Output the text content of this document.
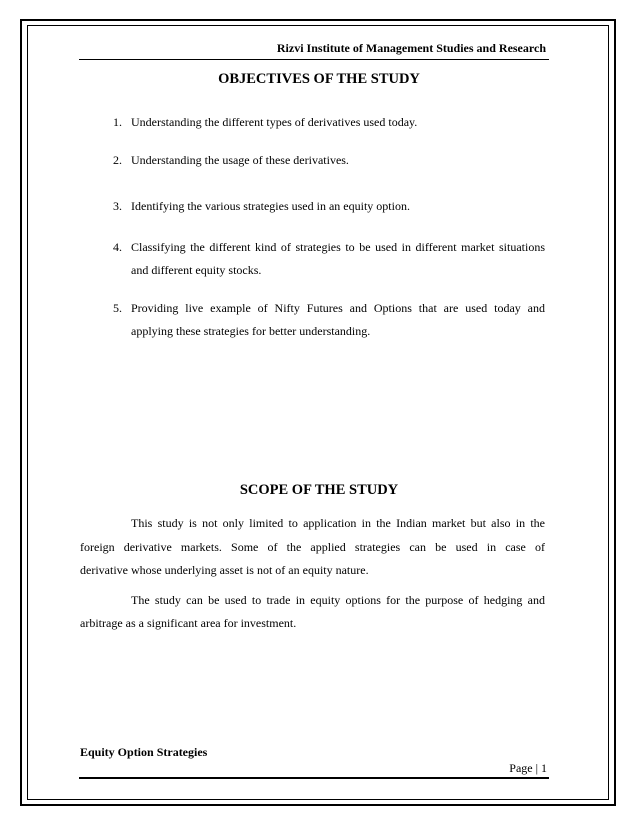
Rizvi Institute of Management Studies and Research
OBJECTIVES OF THE STUDY
1. Understanding the different types of derivatives used today.
2. Understanding the usage of these derivatives.
3. Identifying the various strategies used in an equity option.
4. Classifying the different kind of strategies to be used in different market situations
and different equity stocks.
5. Providing live example of Nifty Futures and Options that are used today and
applying these strategies for better understanding.
SCOPE OF THE STUDY
This study is not only limited to application in the Indian market but also in the
foreign derivative markets. Some of the applied strategies can be used in case of
derivative whose underlying asset is not of an equity nature.
The study can be used to trade in equity options for the purpose of hedging and
arbitrage as a significant area for investment.
Equity Option Strategies
Page | 1
